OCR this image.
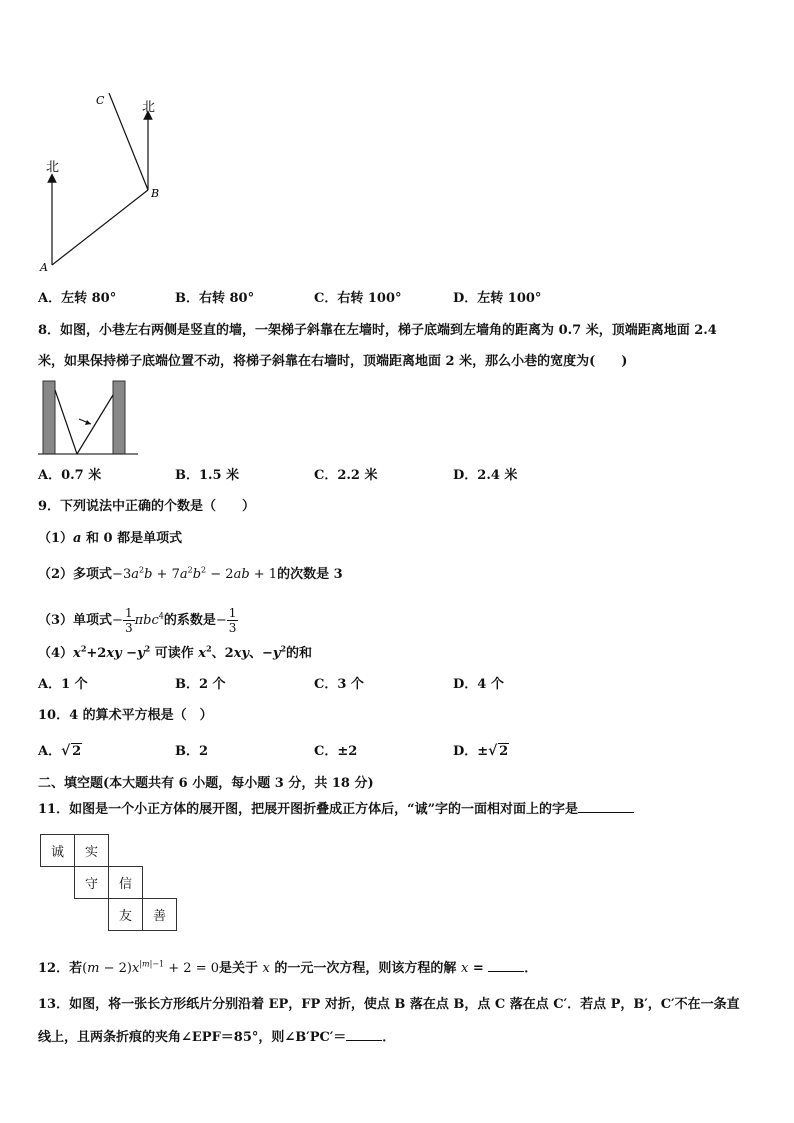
北
北
A
B
C
A．左转 80°	B．右转 80°	C．右转 100°	D．左转 100°
8．如图，小巷左右两侧是竖直的墙，一架梯子斜靠在左墙时，梯子底端到左墙角的距离为 0.7 米，顶端距离地面 2.4
米，如果保持梯子底端位置不动，将梯子斜靠在右墙时，顶端距离地面 2 米，那么小巷的宽度为(　　)
A．0.7 米	B．1.5 米	C．2.2 米	D．2.4 米
9．下列说法中正确的个数是（　　）
（1）a 和 0 都是单项式
（2）多项式$-3a^2b + 7a^2b^2 - 2ab + 1$的次数是 3
（3）单项式− $\frac{1}{3} \pi bc^4$的系数是− $\frac{1}{3}$
$(4)x^2+2xy -y^2$ 可读作 $x^2$、2xy、$-y^2$的和
A．1 个	B．2 个	C．3 个	D．4 个
10．4 的算术平方根是（　）
A． √ 2	B．2	C．±2	D．± √ 2
二、填空题(本大题共有 6 小题，每小题 3 分，共 18 分)
11．如图是一个小正方体的展开图，把展开图折叠成正方体后，“诚”字的一面相对面上的字是
诚	实
守	信
友	善
12．若$(m - 2)x^{|m|-1} + 2 = 0$是关于 x 的一元一次方程，则该方程的解 x =	．
13．如图，将一张长方形纸片分别沿着 EP，FP 对折，使点 B 落在点 B，点 C 落在点 C′．若点 P，B′，C′不在一条直
线上，且两条折痕的夹角∠EPF＝85°，则∠B′PC′＝	．
